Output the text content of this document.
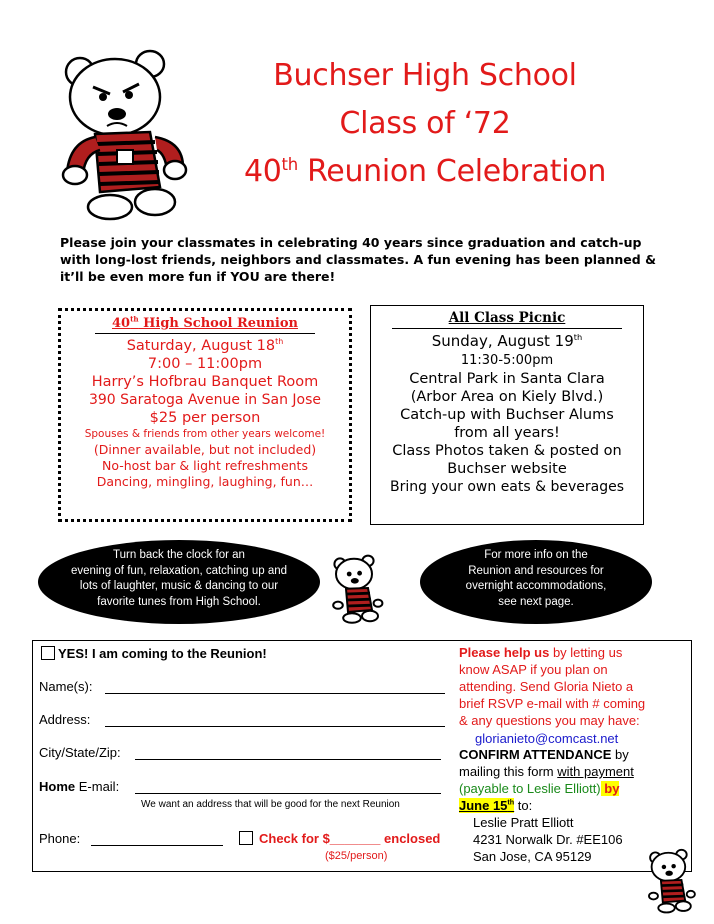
Buchser High School
Class of ‘72
40th Reunion Celebration
Please join your classmates in celebrating 40 years since graduation and catch-up with long-lost friends, neighbors and classmates. A fun evening has been planned & it’ll be even more fun if YOU are there!
40th High School Reunion
Saturday, August 18th
7:00 – 11:00pm
Harry’s Hofbrau Banquet Room
390 Saratoga Avenue in San Jose
$25 per person
Spouses & friends from other years welcome!
(Dinner available, but not included)
No-host bar & light refreshments
Dancing, mingling, laughing, fun…
All Class Picnic
Sunday, August 19th
11:30-5:00pm
Central Park in Santa Clara
(Arbor Area on Kiely Blvd.)
Catch-up with Buchser Alums
from all years!
Class Photos taken & posted on
Buchser website
Bring your own eats & beverages
Turn back the clock for an
evening of fun, relaxation, catching up and
lots of laughter, music & dancing to our
favorite tunes from High School.
For more info on the
Reunion and resources for
overnight accommodations,
see next page.
YES! I am coming to the Reunion!
Name(s):
Address:
City/State/Zip:
Home E-mail:
We want an address that will be good for the next Reunion
Phone:	Check for $_______ enclosed
($25/person)
Please help us by letting us
know ASAP if you plan on
attending. Send Gloria Nieto a
brief RSVP e-mail with # coming
& any questions you may have:
glorianieto@comcast.net
CONFIRM ATTENDANCE by
mailing this form with payment
(payable to Leslie Elliott) by
June 15th to:
Leslie Pratt Elliott
4231 Norwalk Dr. #EE106
San Jose, CA 95129
